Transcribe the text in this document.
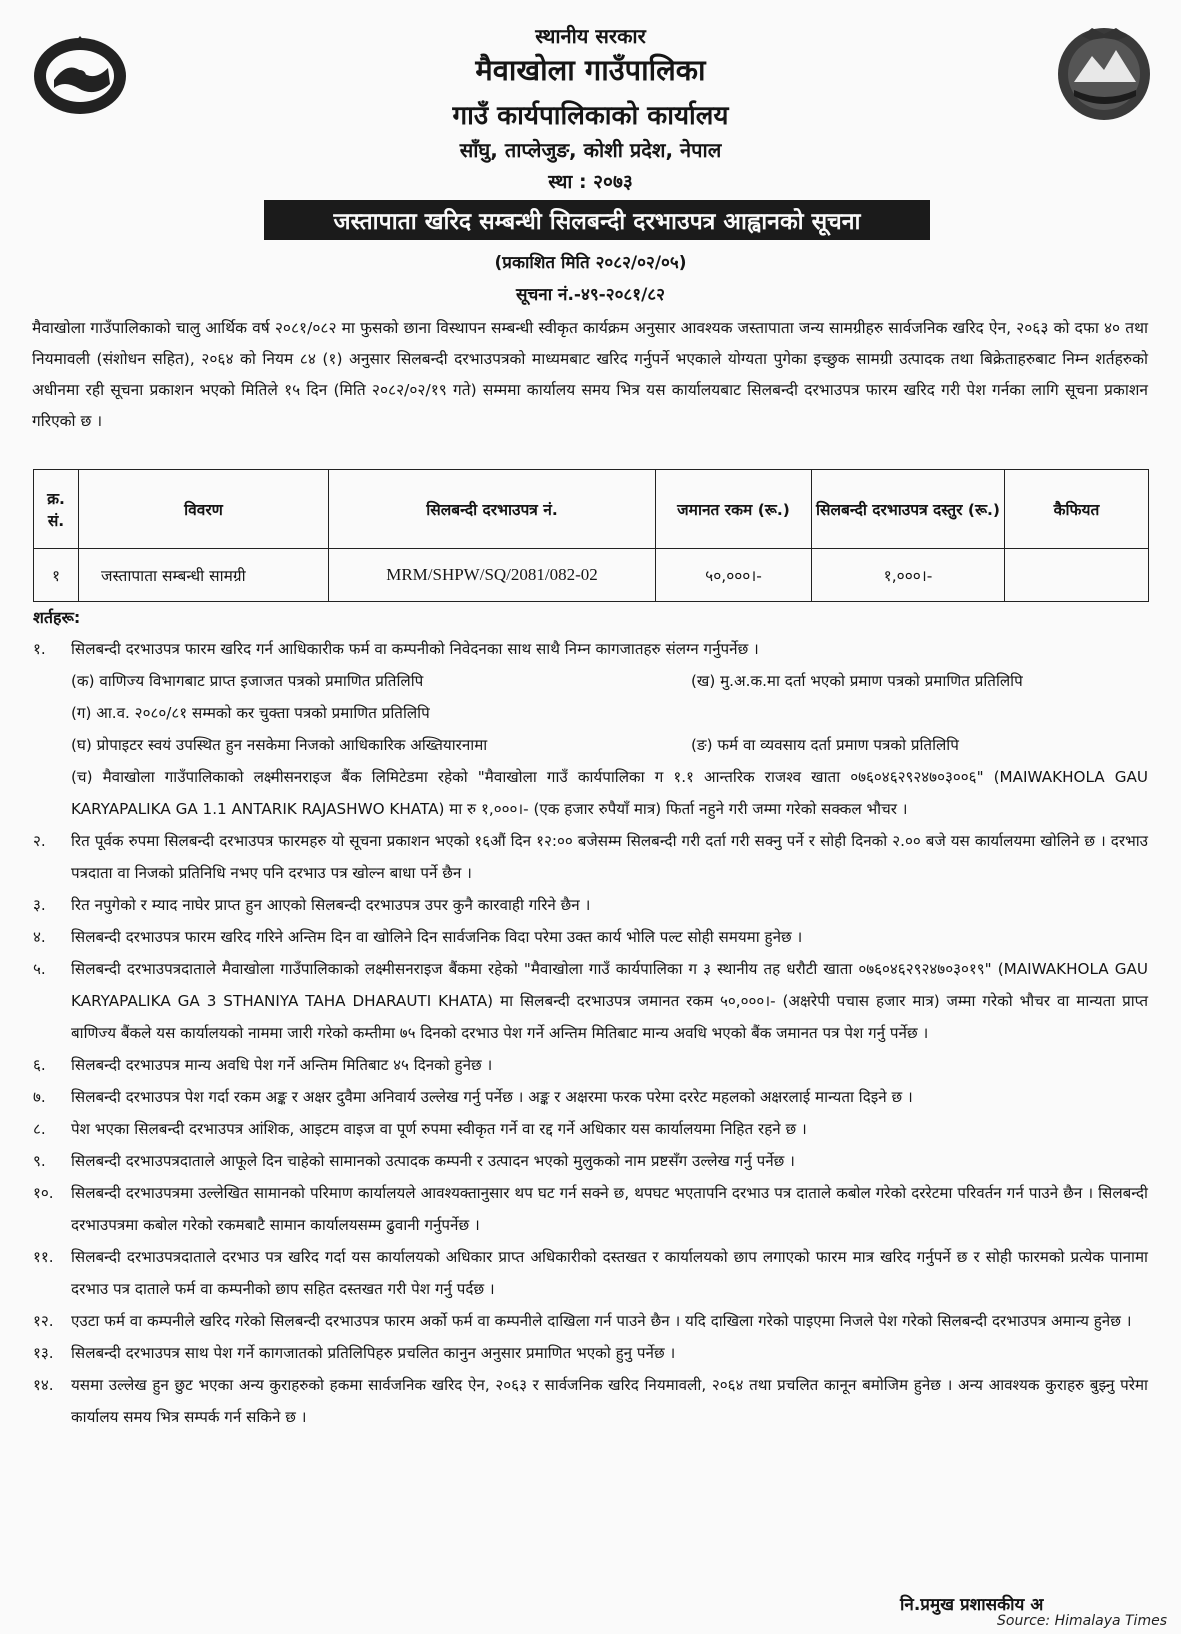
स्थानीय सरकार
मैवाखोला गाउँपालिका
गाउँ कार्यपालिकाको कार्यालय
साँघु, ताप्लेजुङ, कोशी प्रदेश, नेपाल
स्था : २०७३
जस्तापाता खरिद सम्बन्धी सिलबन्दी दरभाउपत्र आह्वानको सूचना
(प्रकाशित मिति २०८२/०२/०५)
सूचना नं.-४९-२०८१/८२
मैवाखोला गाउँपालिकाको चालु आर्थिक वर्ष २०८१/०८२ मा फुसको छाना विस्थापन सम्बन्धी स्वीकृत कार्यक्रम अनुसार आवश्यक जस्तापाता जन्य सामग्रीहरु सार्वजनिक खरिद ऐन, २०६३ को दफा ४० तथा नियमावली (संशोधन सहित), २०६४ को नियम ८४ (१) अनुसार सिलबन्दी दरभाउपत्रको माध्यमबाट खरिद गर्नुपर्ने भएकाले योग्यता पुगेका इच्छुक सामग्री उत्पादक तथा बिक्रेताहरुबाट निम्न शर्तहरुको अधीनमा रही सूचना प्रकाशन भएको मितिले १५ दिन (मिति २०८२/०२/१९ गते) सम्ममा कार्यालय समय भित्र यस कार्यालयबाट सिलबन्दी दरभाउपत्र फारम खरिद गरी पेश गर्नका लागि सूचना प्रकाशन गरिएको छ ।
क्र. सं.	विवरण	सिलबन्दी दरभाउपत्र नं.	जमानत रकम (रू.)	सिलबन्दी दरभाउपत्र दस्तुर (रू.)	कैफियत
१	जस्तापाता सम्बन्धी सामग्री	MRM/SHPW/SQ/2081/082-02	५०,०००।-	१,०००।-	
शर्तहरू:
१. सिलबन्दी दरभाउपत्र फारम खरिद गर्न आधिकारीक फर्म वा कम्पनीको निवेदनका साथ साथै निम्न कागजातहरु संलग्न गर्नुपर्नेछ ।
(क) वाणिज्य विभागबाट प्राप्त इजाजत पत्रको प्रमाणित प्रतिलिपि	(ख) मु.अ.क.मा दर्ता भएको प्रमाण पत्रको प्रमाणित प्रतिलिपि
(ग) आ.व. २०८०/८१ सम्मको कर चुक्ता पत्रको प्रमाणित प्रतिलिपि
(घ) प्रोपाइटर स्वयं उपस्थित हुन नसकेमा निजको आधिकारिक अख्तियारनामा	(ङ) फर्म वा व्यवसाय दर्ता प्रमाण पत्रको प्रतिलिपि
(च) मैवाखोला गाउँपालिकाको लक्ष्मीसनराइज बैंक लिमिटेडमा रहेको "मैवाखोला गाउँ कार्यपालिका ग १.१ आन्तरिक राजश्व खाता ०७६०४६२९२४७०३००६" (MAIWAKHOLA GAU KARYAPALIKA GA 1.1 ANTARIK RAJASHWO KHATA) मा रु १,०००।- (एक हजार रुपैयाँ मात्र) फिर्ता नहुने गरी जम्मा गरेको सक्कल भौचर ।
२. रित पूर्वक रुपमा सिलबन्दी दरभाउपत्र फारमहरु यो सूचना प्रकाशन भएको १६औं दिन १२:०० बजेसम्म सिलबन्दी गरी दर्ता गरी सक्नु पर्ने र सोही दिनको २.०० बजे यस कार्यालयमा खोलिने छ । दरभाउ पत्रदाता वा निजको प्रतिनिधि नभए पनि दरभाउ पत्र खोल्न बाधा पर्ने छैन ।
३. रित नपुगेको र म्याद नाघेर प्राप्त हुन आएको सिलबन्दी दरभाउपत्र उपर कुनै कारवाही गरिने छैन ।
४. सिलबन्दी दरभाउपत्र फारम खरिद गरिने अन्तिम दिन वा खोलिने दिन सार्वजनिक विदा परेमा उक्त कार्य भोलि पल्ट सोही समयमा हुनेछ ।
५. सिलबन्दी दरभाउपत्रदाताले मैवाखोला गाउँपालिकाको लक्ष्मीसनराइज बैंकमा रहेको "मैवाखोला गाउँ कार्यपालिका ग ३ स्थानीय तह धरौटी खाता ०७६०४६२९२४७०३०१९" (MAIWAKHOLA GAU KARYAPALIKA GA 3 STHANIYA TAHA DHARAUTI KHATA) मा सिलबन्दी दरभाउपत्र जमानत रकम ५०,०००।- (अक्षरेपी पचास हजार मात्र) जम्मा गरेको भौचर वा मान्यता प्राप्त बाणिज्य बैंकले यस कार्यालयको नाममा जारी गरेको कम्तीमा ७५ दिनको दरभाउ पेश गर्ने अन्तिम मितिबाट मान्य अवधि भएको बैंक जमानत पत्र पेश गर्नु पर्नेछ ।
६. सिलबन्दी दरभाउपत्र मान्य अवधि पेश गर्ने अन्तिम मितिबाट ४५ दिनको हुनेछ ।
७. सिलबन्दी दरभाउपत्र पेश गर्दा रकम अङ्क र अक्षर दुवैमा अनिवार्य उल्लेख गर्नु पर्नेछ । अङ्क र अक्षरमा फरक परेमा दररेट महलको अक्षरलाई मान्यता दिइने छ ।
८. पेश भएका सिलबन्दी दरभाउपत्र आंशिक, आइटम वाइज वा पूर्ण रुपमा स्वीकृत गर्ने वा रद्द गर्ने अधिकार यस कार्यालयमा निहित रहने छ ।
९. सिलबन्दी दरभाउपत्रदाताले आफूले दिन चाहेको सामानको उत्पादक कम्पनी र उत्पादन भएको मुलुकको नाम प्रष्टसँग उल्लेख गर्नु पर्नेछ ।
१०. सिलबन्दी दरभाउपत्रमा उल्लेखित सामानको परिमाण कार्यालयले आवश्यक्तानुसार थप घट गर्न सक्ने छ, थपघट भएतापनि दरभाउ पत्र दाताले कबोल गरेको दररेटमा परिवर्तन गर्न पाउने छैन । सिलबन्दी दरभाउपत्रमा कबोल गरेको रकमबाटै सामान कार्यालयसम्म ढुवानी गर्नुपर्नेछ ।
११. सिलबन्दी दरभाउपत्रदाताले दरभाउ पत्र खरिद गर्दा यस कार्यालयको अधिकार प्राप्त अधिकारीको दस्तखत र कार्यालयको छाप लगाएको फारम मात्र खरिद गर्नुपर्ने छ र सोही फारमको प्रत्येक पानामा दरभाउ पत्र दाताले फर्म वा कम्पनीको छाप सहित दस्तखत गरी पेश गर्नु पर्दछ ।
१२. एउटा फर्म वा कम्पनीले खरिद गरेको सिलबन्दी दरभाउपत्र फारम अर्को फर्म वा कम्पनीले दाखिला गर्न पाउने छैन । यदि दाखिला गरेको पाइएमा निजले पेश गरेको सिलबन्दी दरभाउपत्र अमान्य हुनेछ ।
१३. सिलबन्दी दरभाउपत्र साथ पेश गर्ने कागजातको प्रतिलिपिहरु प्रचलित कानुन अनुसार प्रमाणित भएको हुनु पर्नेछ ।
१४. यसमा उल्लेख हुन छुट भएका अन्य कुराहरुको हकमा सार्वजनिक खरिद ऐन, २०६३ र सार्वजनिक खरिद नियमावली, २०६४ तथा प्रचलित कानून बमोजिम हुनेछ । अन्य आवश्यक कुराहरु बुझ्नु परेमा कार्यालय समय भित्र सम्पर्क गर्न सकिने छ ।
नि.प्रमुख प्रशासकीय अ
Source: Himalaya Times
